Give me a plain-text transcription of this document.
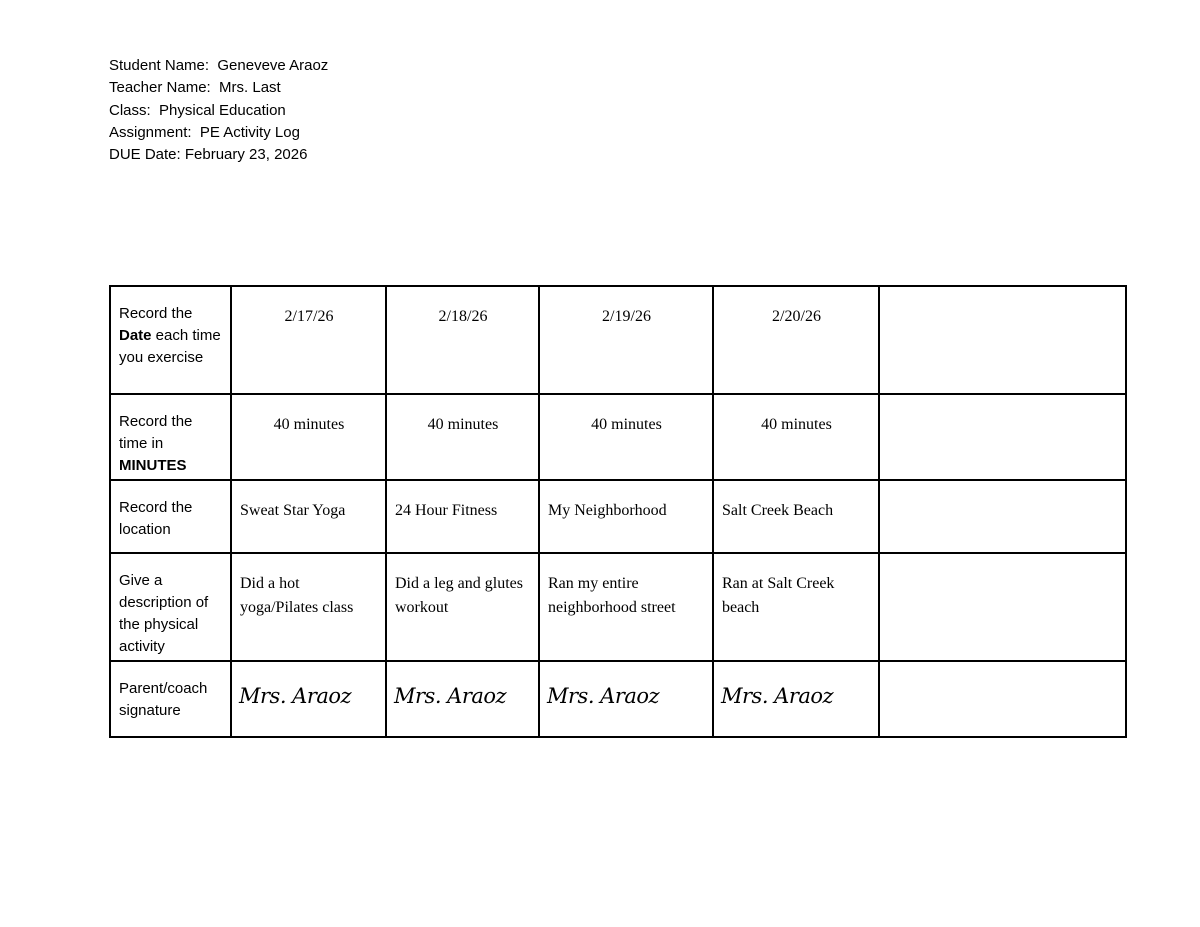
Student Name:  Geneveve Araoz
Teacher Name:  Mrs. Last
Class:  Physical Education
Assignment:  PE Activity Log
DUE Date: February 23, 2026
Record the Date each time you exercise	2/17/26	2/18/26	2/19/26	2/20/26	
Record the time in MINUTES	40 minutes	40 minutes	40 minutes	40 minutes	
Record the location	Sweat Star Yoga	24 Hour Fitness	My Neighborhood	Salt Creek Beach	
Give a description of the physical activity	Did a hot yoga/Pilates class	Did a leg and glutes workout	Ran my entire neighborhood street	Ran at Salt Creek beach	
Parent/coach signature	Mrs. Araoz	Mrs. Araoz	Mrs. Araoz	Mrs. Araoz	
